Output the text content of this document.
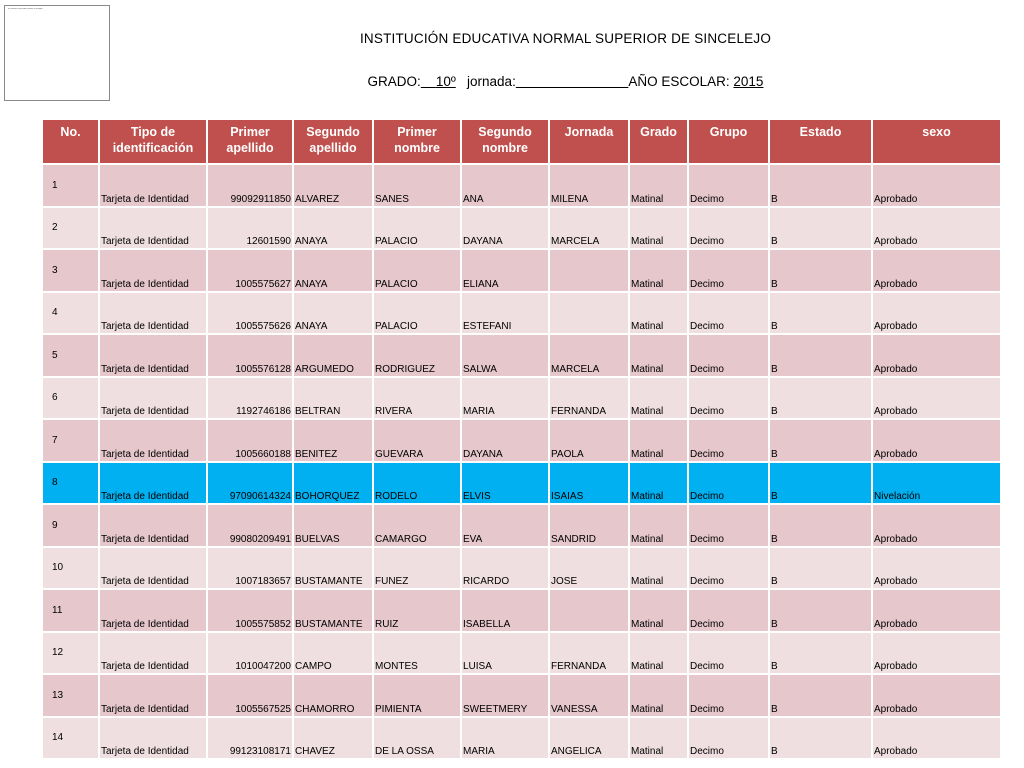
El sistema no puede mostrar la imagen
INSTITUCIÓN EDUCATIVA NORMAL SUPERIOR DE SINCELEJO
GRADO: 10º jornada:	AÑO ESCOLAR: 2015
No.	Tipo de identificación	Primer apellido	Segundo apellido	Primer nombre	Segundo nombre	Jornada	Grado	Grupo	Estado	sexo
1	Tarjeta de Identidad	99092911850	ALVAREZ	SANES	ANA	MILENA	Matinal	Decimo	B	Aprobado
2	Tarjeta de Identidad	12601590	ANAYA	PALACIO	DAYANA	MARCELA	Matinal	Decimo	B	Aprobado
3	Tarjeta de Identidad	1005575627	ANAYA	PALACIO	ELIANA		Matinal	Decimo	B	Aprobado
4	Tarjeta de Identidad	1005575626	ANAYA	PALACIO	ESTEFANI		Matinal	Decimo	B	Aprobado
5	Tarjeta de Identidad	1005576128	ARGUMEDO	RODRIGUEZ	SALWA	MARCELA	Matinal	Decimo	B	Aprobado
6	Tarjeta de Identidad	1192746186	BELTRAN	RIVERA	MARIA	FERNANDA	Matinal	Decimo	B	Aprobado
7	Tarjeta de Identidad	1005660188	BENITEZ	GUEVARA	DAYANA	PAOLA	Matinal	Decimo	B	Aprobado
8	Tarjeta de Identidad	97090614324	BOHORQUEZ	RODELO	ELVIS	ISAIAS	Matinal	Decimo	B	Nivelación
9	Tarjeta de Identidad	99080209491	BUELVAS	CAMARGO	EVA	SANDRID	Matinal	Decimo	B	Aprobado
10	Tarjeta de Identidad	1007183657	BUSTAMANTE	FUNEZ	RICARDO	JOSE	Matinal	Decimo	B	Aprobado
11	Tarjeta de Identidad	1005575852	BUSTAMANTE	RUIZ	ISABELLA		Matinal	Decimo	B	Aprobado
12	Tarjeta de Identidad	1010047200	CAMPO	MONTES	LUISA	FERNANDA	Matinal	Decimo	B	Aprobado
13	Tarjeta de Identidad	1005567525	CHAMORRO	PIMIENTA	SWEETMERY	VANESSA	Matinal	Decimo	B	Aprobado
14	Tarjeta de Identidad	99123108171	CHAVEZ	DE LA OSSA	MARIA	ANGELICA	Matinal	Decimo	B	Aprobado
